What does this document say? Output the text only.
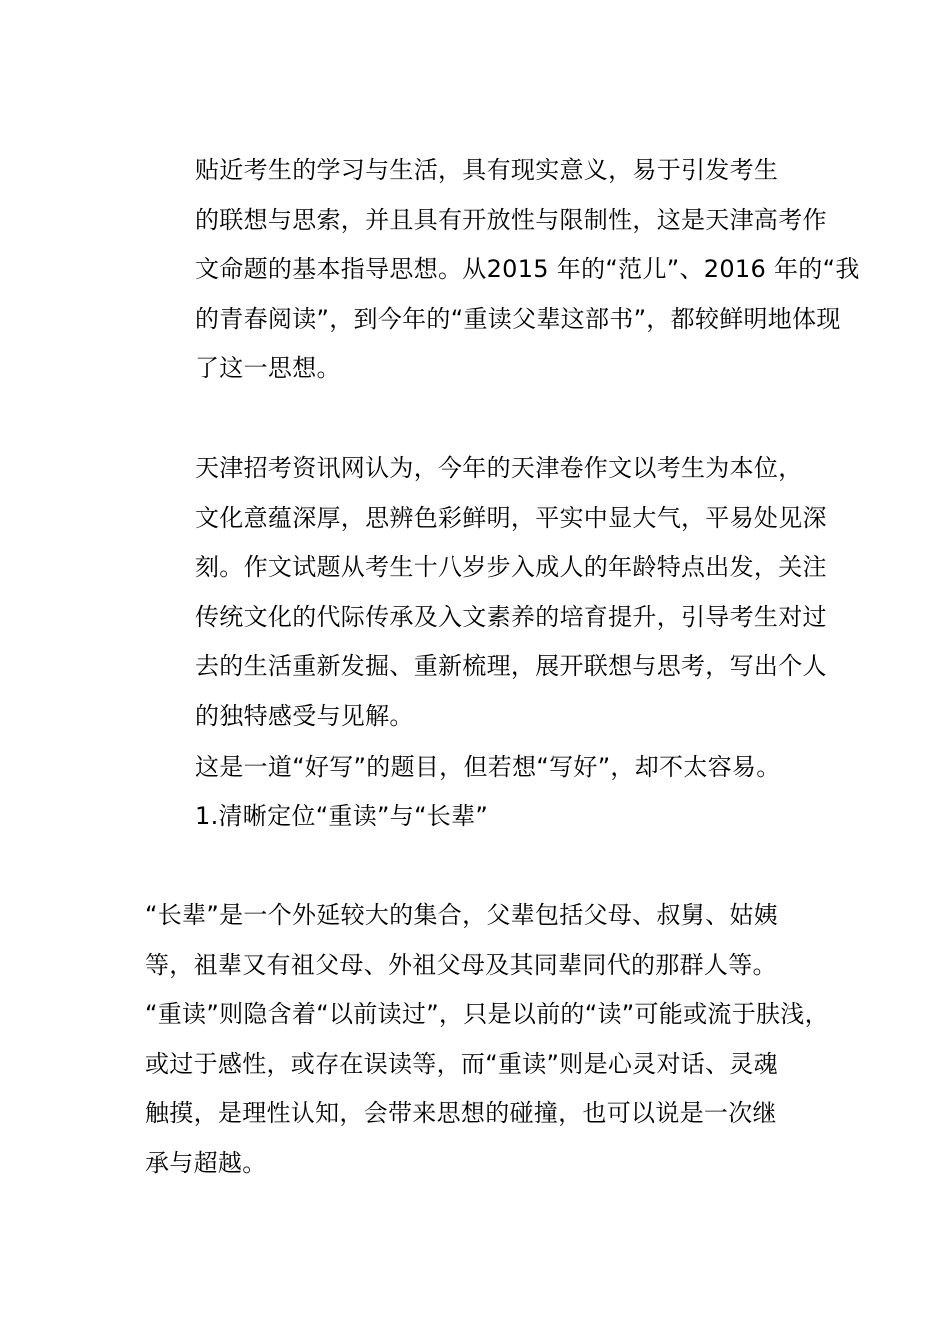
贴近考生的学习与生活，具有现实意义，易于引发考生
的联想与思索，并且具有开放性与限制性，这是天津高考作
文命题的基本指导思想。从2015 年的“范儿”、2016 年的“我
的青春阅读”，到今年的“重读父辈这部书”，都较鲜明地体现
了这一思想。

天津招考资讯网认为，今年的天津卷作文以考生为本位，
文化意蕴深厚，思辨色彩鲜明，平实中显大气，平易处见深
刻。作文试题从考生十八岁步入成人的年龄特点出发，关注
传统文化的代际传承及入文素养的培育提升，引导考生对过
去的生活重新发掘、重新梳理，展开联想与思考，写出个人
的独特感受与见解。

这是一道“好写”的题目，但若想“写好”，却不太容易。

1.清晰定位“重读”与“长辈”

“长辈”是一个外延较大的集合，父辈包括父母、叔舅、姑姨
等，祖辈又有祖父母、外祖父母及其同辈同代的那群人等。
“重读”则隐含着“以前读过”，只是以前的“读”可能或流于肤浅，
或过于感性，或存在误读等，而“重读”则是心灵对话、灵魂
触摸，是理性认知，会带来思想的碰撞，也可以说是一次继
承与超越。
